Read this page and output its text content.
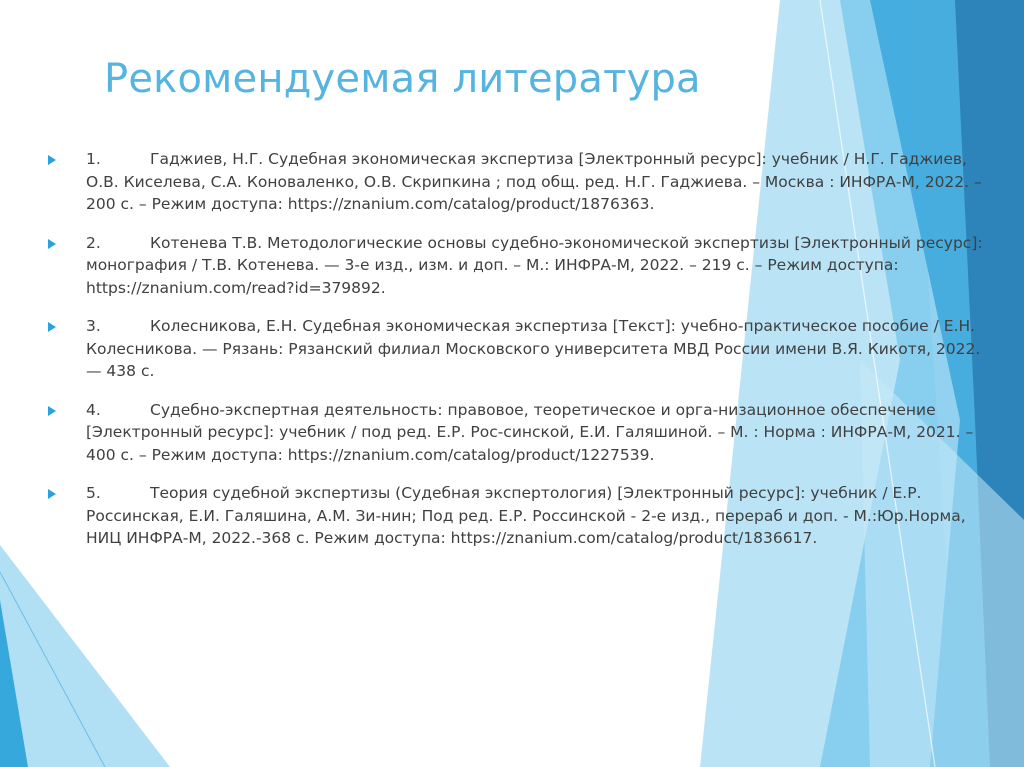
Рекомендуемая литература
1.	Гаджиев, Н.Г. Судебная экономическая экспертиза [Электронный ресурс]: учебник / Н.Г. Гаджиев, О.В. Киселева, С.А. Коноваленко, О.В. Скрипкина ; под общ. ред. Н.Г. Гаджиева. – Москва : ИНФРА-М, 2022. – 200 с. – Режим доступа: https://znanium.com/catalog/product/1876363.
2.	Котенева Т.В. Методологические основы судебно-экономической экспертизы [Электронный ресурс]: монография / Т.В. Котенева. — 3-е изд., изм. и доп. – М.: ИНФРА-М, 2022. – 219 с. – Режим доступа: https://znanium.com/read?id=379892.
3.	Колесникова, Е.Н. Судебная экономическая экспертиза [Текст]: учебно-практическое пособие / Е.Н. Колесникова. — Рязань: Рязанский филиал Московского университета МВД России имени В.Я. Кикотя, 2022. — 438 с.
4.	Судебно-экспертная деятельность: правовое, теоретическое и орга-низационное обеспечение [Электронный ресурс]: учебник / под ред. Е.Р. Рос-синской, Е.И. Галяшиной. – М. : Норма : ИНФРА-М, 2021. – 400 с. – Режим доступа: https://znanium.com/catalog/product/1227539.
5.	Теория судебной экспертизы (Судебная экспертология) [Электронный ресурс]: учебник / Е.Р. Россинская, Е.И. Галяшина, А.М. Зи-нин; Под ред. Е.Р. Россинской - 2-е изд., перераб и доп. - М.:Юр.Норма, НИЦ ИНФРА-М, 2022.-368 с. Режим доступа: https://znanium.com/catalog/product/1836617.
